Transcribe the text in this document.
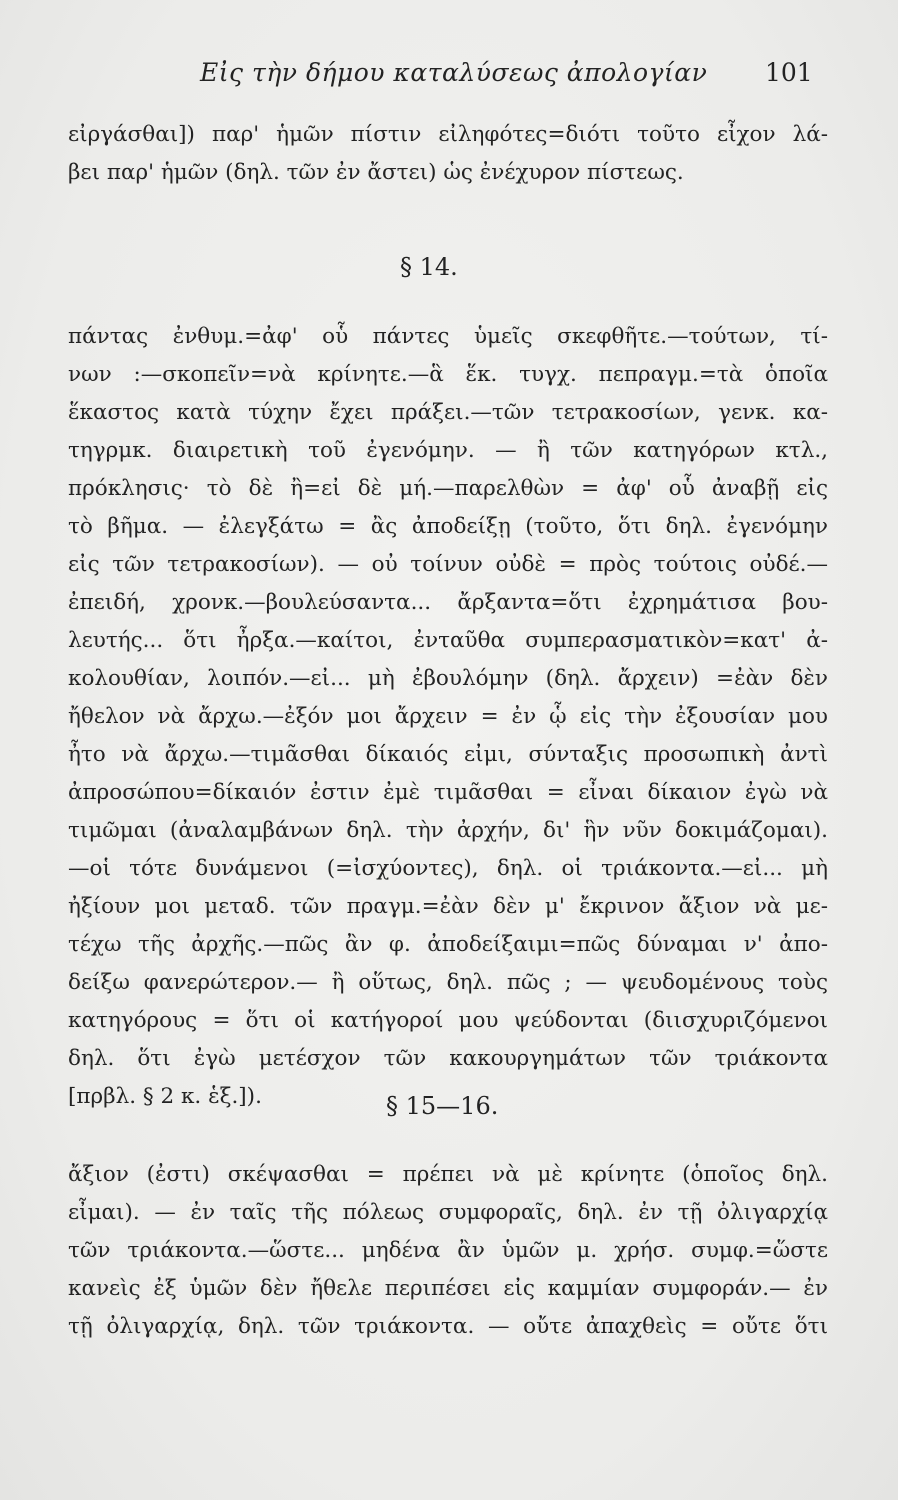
Εἰς τὴν δήμου καταλύσεως ἀπολογίαν 101
εἰργάσθαι]) παρ' ἡμῶν πίστιν εἰληφότες=διότι τοῦτο εἶχον λά-
βει παρ' ἡμῶν (δηλ. τῶν ἐν ἄστει) ὡς ἐνέχυρον πίστεως.
§ 14.
πάντας ἐνθυμ.=ἀφ' οὗ πάντες ὑμεῖς σκεφθῆτε.—τούτων, τί-
νων :—σκοπεῖν=νὰ κρίνητε.—ἃ ἕκ. τυγχ. πεπραγμ.=τὰ ὁποῖα
ἕκαστος κατὰ τύχην ἔχει πράξει.—τῶν τετρακοσίων, γενκ. κα-
τηγρμκ. διαιρετικὴ τοῦ ἐγενόμην. — ἢ τῶν κατηγόρων κτλ.,
πρόκλησις· τὸ δὲ ἢ=εἰ δὲ μή.—παρελθὼν = ἀφ' οὗ ἀναβῇ εἰς
τὸ βῆμα. — ἐλεγξάτω = ἂς ἀποδείξῃ (τοῦτο, ὅτι δηλ. ἐγενόμην
εἰς τῶν τετρακοσίων). — οὐ τοίνυν οὐδὲ = πρὸς τούτοις οὐδέ.—
ἐπειδή, χρονκ.—βουλεύσαντα... ἄρξαντα=ὅτι ἐχρημάτισα βου-
λευτής... ὅτι ἦρξα.—καίτοι, ἐνταῦθα συμπερασματικὸν=κατ' ἀ-
κολουθίαν, λοιπόν.—εἰ... μὴ ἐβουλόμην (δηλ. ἄρχειν) =ἐὰν δὲν
ἤθελον νὰ ἄρχω.—ἐξόν μοι ἄρχειν = ἐν ᾧ εἰς τὴν ἐξουσίαν μου
ἦτο νὰ ἄρχω.—τιμᾶσθαι δίκαιός εἰμι, σύνταξις προσωπικὴ ἀντὶ
ἀπροσώπου=δίκαιόν ἐστιν ἐμὲ τιμᾶσθαι = εἶναι δίκαιον ἐγὼ νὰ
τιμῶμαι (ἀναλαμβάνων δηλ. τὴν ἀρχήν, δι' ἣν νῦν δοκιμάζομαι).
—οἱ τότε δυνάμενοι (=ἰσχύοντες), δηλ. οἱ τριάκοντα.—εἰ... μὴ
ἠξίουν μοι μεταδ. τῶν πραγμ.=ἐὰν δὲν μ' ἔκρινον ἄξιον νὰ με-
τέχω τῆς ἀρχῆς.—πῶς ἂν φ. ἀποδείξαιμι=πῶς δύναμαι ν' ἀπο-
δείξω φανερώτερον.— ἢ οὕτως, δηλ. πῶς ; — ψευδομένους τοὺς
κατηγόρους = ὅτι οἱ κατήγοροί μου ψεύδονται (διισχυριζόμενοι
δηλ. ὅτι ἐγὼ μετέσχον τῶν κακουργημάτων τῶν τριάκοντα
[πρβλ. § 2 κ. ἑξ.]).	§ 15—16.
ἄξιον (ἐστι) σκέψασθαι = πρέπει νὰ μὲ κρίνητε (ὁποῖος δηλ.
εἶμαι). — ἐν ταῖς τῆς πόλεως συμφοραῖς, δηλ. ἐν τῇ ὀλιγαρχίᾳ
τῶν τριάκοντα.—ὥστε... μηδένα ἂν ὑμῶν μ. χρήσ. συμφ.=ὥστε
κανεὶς ἐξ ὑμῶν δὲν ἤθελε περιπέσει εἰς καμμίαν συμφοράν.— ἐν
τῇ ὀλιγαρχίᾳ, δηλ. τῶν τριάκοντα. — οὔτε ἀπαχθεὶς = οὔτε ὅτι
